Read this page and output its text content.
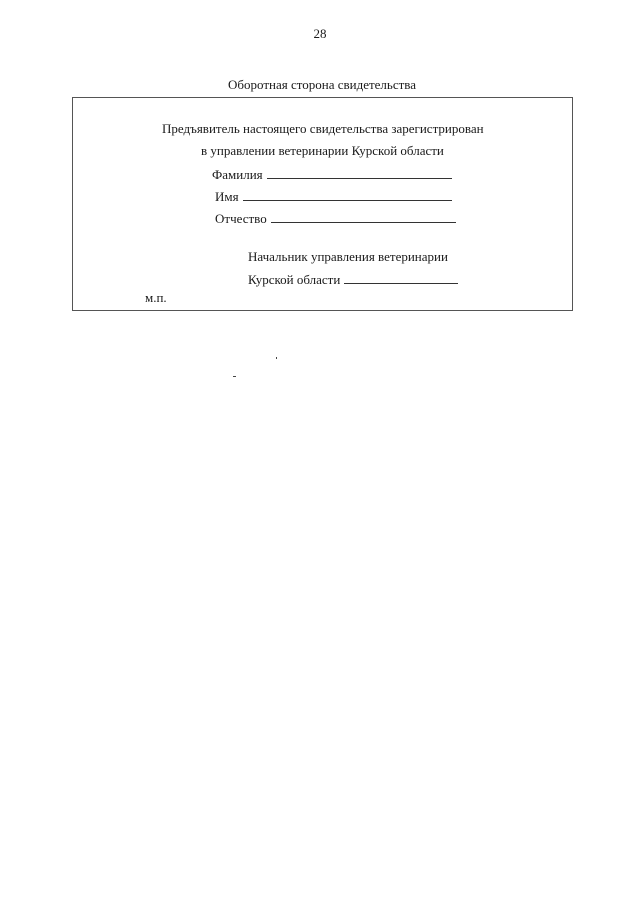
28
Оборотная сторона свидетельства
Предъявитель настоящего свидетельства зарегистрирован
в управлении ветеринарии Курской области
Фамилия
Имя
Отчество
Начальник управления ветеринарии
Курской области
м.п.
